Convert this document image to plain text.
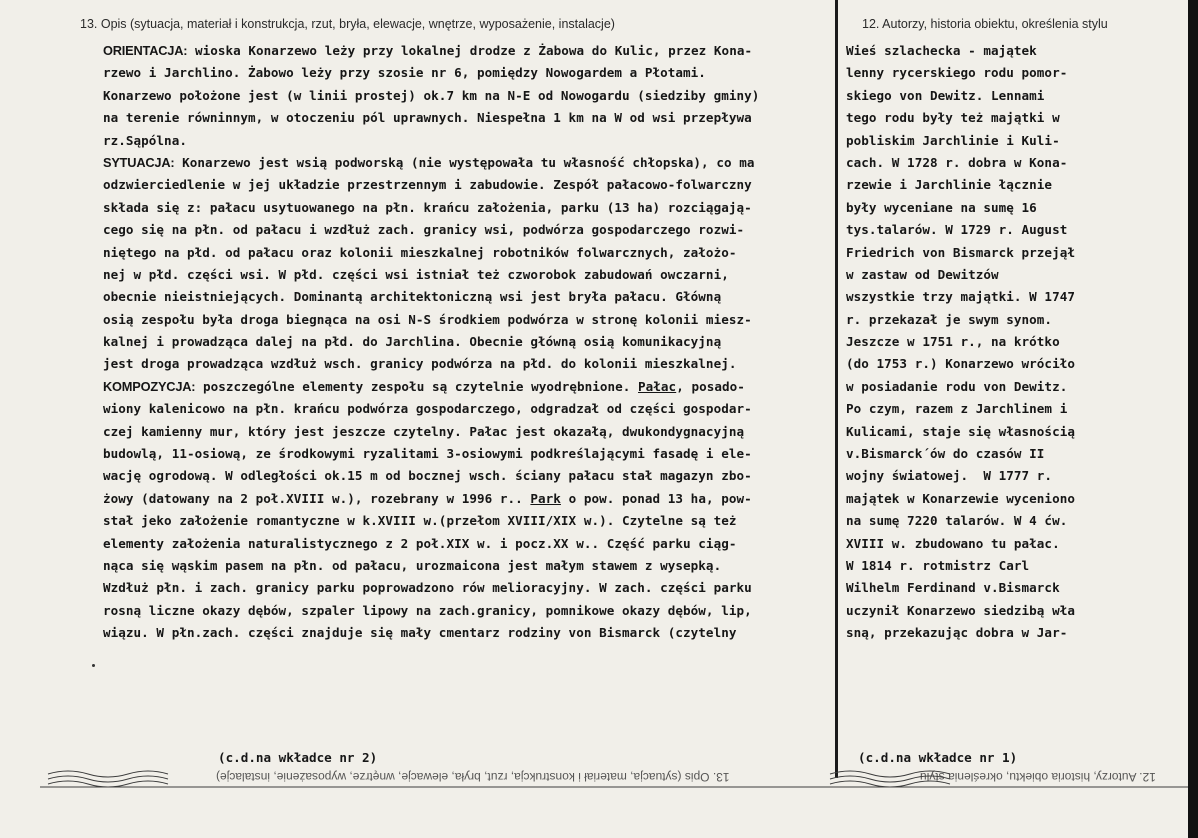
13. Opis (sytuacja, materiał i konstrukcja, rzut, bryła, elewacje, wnętrze, wyposażenie, instalacje)	12. Autorzy, historia obiektu, określenia stylu
ORIENTACJA: wioska Konarzewo leży przy lokalnej drodze z Żabowa do Kulic, przez Kona-
rzewo i Jarchlino. Żabowo leży przy szosie nr 6, pomiędzy Nowogardem a Płotami.
Konarzewo położone jest (w linii prostej) ok.7 km na N-E od Nowogardu (siedziby gminy)
na terenie równinnym, w otoczeniu pól uprawnych. Niespełna 1 km na W od wsi przepływa
rz.Sąpólna.
SYTUACJA: Konarzewo jest wsią podworską (nie występowała tu własność chłopska), co ma
odzwierciedlenie w jej układzie przestrzennym i zabudowie. Zespół pałacowo-folwarczny
składa się z: pałacu usytuowanego na płn. krańcu założenia, parku (13 ha) rozciągają-
cego się na płn. od pałacu i wzdłuż zach. granicy wsi, podwórza gospodarczego rozwi-
niętego na płd. od pałacu oraz kolonii mieszkalnej robotników folwarcznych, założo-
nej w płd. części wsi. W płd. części wsi istniał też czworobok zabudowań owczarni,
obecnie nieistniejących. Dominantą architektoniczną wsi jest bryła pałacu. Główną
osią zespołu była droga biegnąca na osi N-S środkiem podwórza w stronę kolonii miesz-
kalnej i prowadząca dalej na płd. do Jarchlina. Obecnie główną osią komunikacyjną
jest droga prowadząca wzdłuż wsch. granicy podwórza na płd. do kolonii mieszkalnej.
KOMPOZYCJA: poszczególne elementy zespołu są czytelnie wyodrębnione. Pałac, posado-
wiony kalenicowo na płn. krańcu podwórza gospodarczego, odgradzał od części gospodar-
czej kamienny mur, który jest jeszcze czytelny. Pałac jest okazałą, dwukondygnacyjną
budowlą, 11-osiową, ze środkowymi ryzalitami 3-osiowymi podkreślającymi fasadę i ele-
wację ogrodową. W odległości ok.15 m od bocznej wsch. ściany pałacu stał magazyn zbo-
żowy (datowany na 2 poł.XVIII w.), rozebrany w 1996 r.. Park o pow. ponad 13 ha, pow-
stał jeko założenie romantyczne w k.XVIII w.(przełom XVIII/XIX w.). Czytelne są też
elementy założenia naturalistycznego z 2 poł.XIX w. i pocz.XX w.. Część parku ciąg-
nąca się wąskim pasem na płn. od pałacu, urozmaicona jest małym stawem z wysepką.
Wzdłuż płn. i zach. granicy parku poprowadzono rów melioracyjny. W zach. części parku
rosną liczne okazy dębów, szpaler lipowy na zach.granicy, pomnikowe okazy dębów, lip,
wiązu. W płn.zach. części znajduje się mały cmentarz rodziny von Bismarck (czytelny
Wieś szlachecka - majątek
lenny rycerskiego rodu pomor-
skiego von Dewitz. Lennami
tego rodu były też majątki w
pobliskim Jarchlinie i Kuli-
cach. W 1728 r. dobra w Kona-
rzewie i Jarchlinie łącznie
były wyceniane na sumę 16
tys.talarów. W 1729 r. August
Friedrich von Bismarck przejął
w zastaw od Dewitzów
wszystkie trzy majątki. W 1747
r. przekazał je swym synom.
Jeszcze w 1751 r., na krótko
(do 1753 r.) Konarzewo wróciło
w posiadanie rodu von Dewitz.
Po czym, razem z Jarchlinem i
Kulicami, staje się własnością
v.Bismarck´ów do czasów II
wojny światowej.  W 1777 r.
majątek w Konarzewie wyceniono
na sumę 7220 talarów. W 4 ćw.
XVIII w. zbudowano tu pałac.
W 1814 r. rotmistrz Carl
Wilhelm Ferdinand v.Bismarck
uczynił Konarzewo siedzibą wła
sną, przekazując dobra w Jar-
(c.d.na wkładce nr 2)	(c.d.na wkładce nr 1)
13. Opis (sytuacja, materiał i konstrukcja, rzut, bryła, elewacje, wnętrze, wyposażenie, instalacje)	12. Autorzy, historia obiektu, określenia stylu
